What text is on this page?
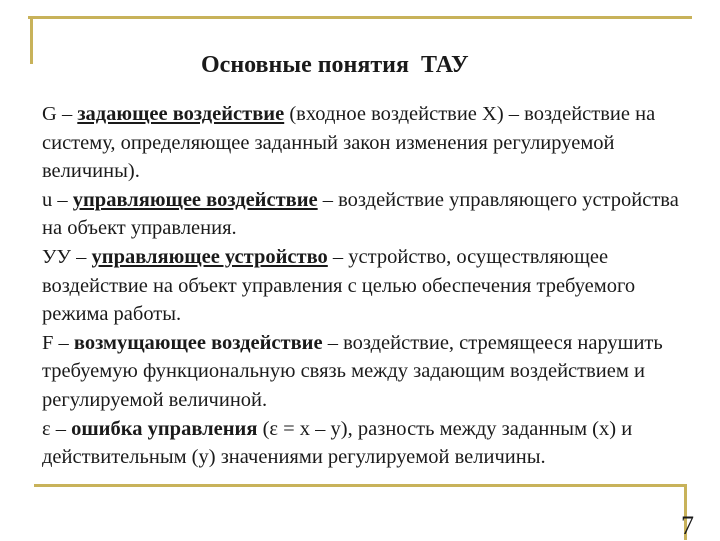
Основные понятия  ТАУ

G – задающее воздействие (входное воздействие X) – воздействие на систему, определяющее заданный закон изменения регулируемой величины).

u – управляющее воздействие – воздействие управляющего устройства на объект управления.

УУ – управляющее устройство – устройство, осуществляющее воздействие на объект управления с целью обеспечения требуемого режима работы.

F – возмущающее воздействие – воздействие, стремящееся нарушить требуемую функциональную связь между задающим воздействием и регулируемой величиной.

ε – ошибка управления (ε = x – y), разность между заданным (x) и действительным (y) значениями регулируемой величины.

7
